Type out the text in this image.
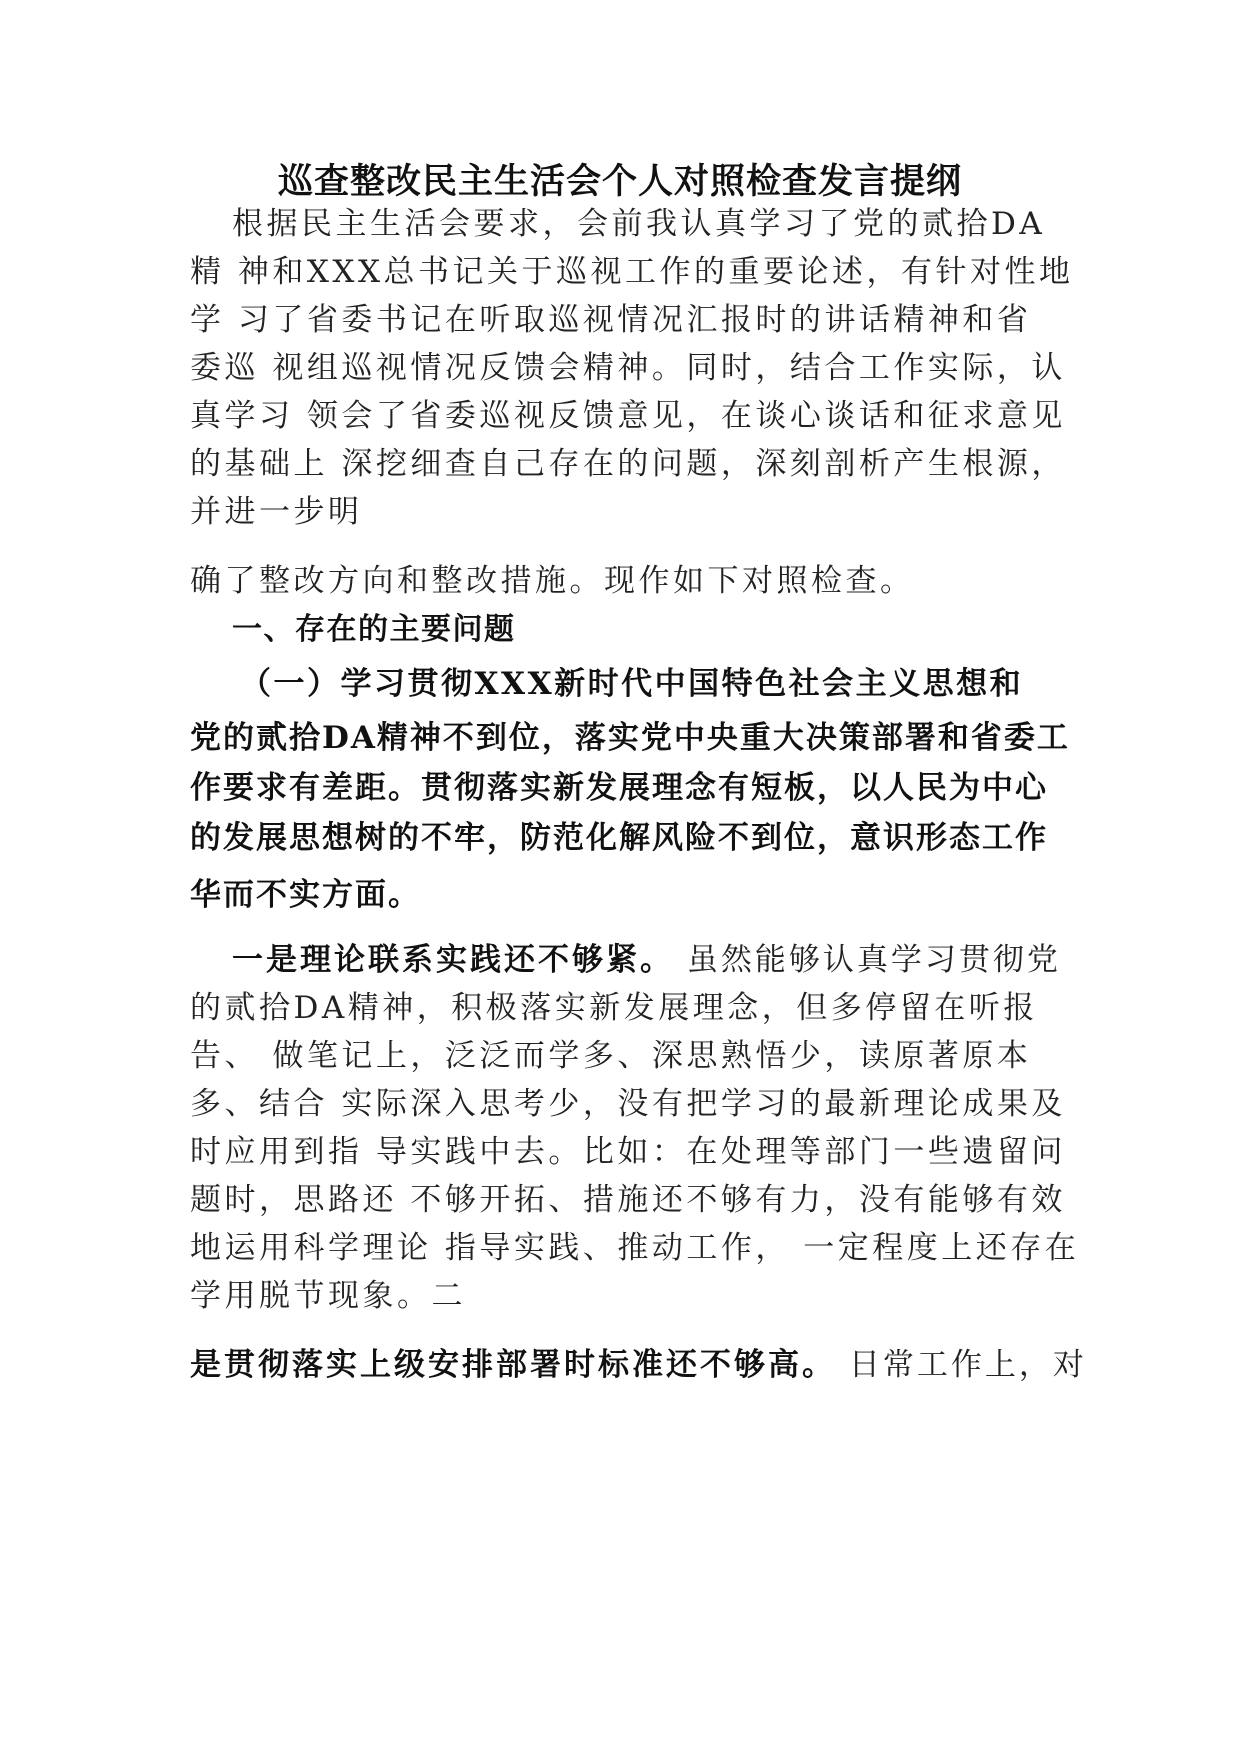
巡查整改民主生活会个人对照检查发言提纲
根据民主生活会要求，会前我认真学习了党的贰拾DA
精 神和XXX总书记关于巡视工作的重要论述，有针对性地
学 习了省委书记在听取巡视情况汇报时的讲话精神和省
委巡 视组巡视情况反馈会精神。同时，结合工作实际，认
真学习 领会了省委巡视反馈意见，在谈心谈话和征求意见
的基础上 深挖细查自己存在的问题，深刻剖析产生根源，
并进一步明
确了整改方向和整改措施。现作如下对照检查。
一、存在的主要问题
（一）学习贯彻XXX新时代中国特色社会主义思想和
党的贰拾DA精神不到位，落实党中央重大决策部署和省委工
作要求有差距。贯彻落实新发展理念有短板，以人民为中心
的发展思想树的不牢，防范化解风险不到位，意识形态工作
华而不实方面。
一是理论联系实践还不够紧。 虽然能够认真学习贯彻党
的贰拾DA精神，积极落实新发展理念，但多停留在听报
告、 做笔记上，泛泛而学多、深思熟悟少，读原著原本
多、结合 实际深入思考少，没有把学习的最新理论成果及
时应用到指 导实践中去。比如：在处理等部门一些遗留问
题时，思路还 不够开拓、措施还不够有力，没有能够有效
地运用科学理论 指导实践、推动工作， 一定程度上还存在
学用脱节现象。二
是贯彻落实上级安排部署时标准还不够高。 日常工作上，对
